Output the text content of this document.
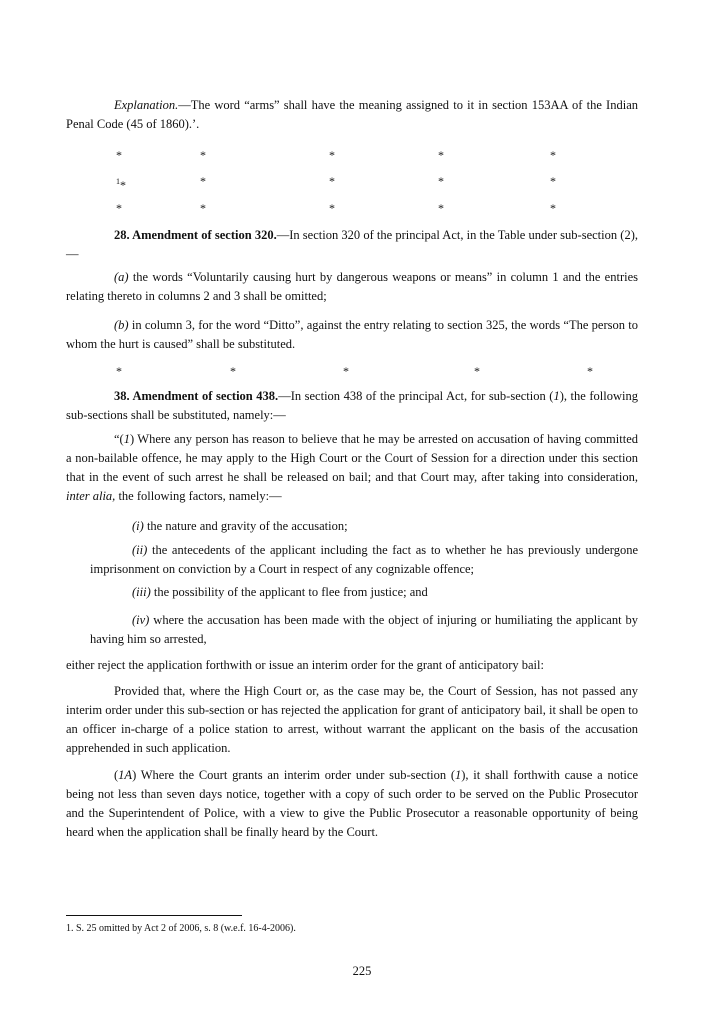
Explanation.—The word “arms” shall have the meaning assigned to it in section 153AA of the Indian Penal Code (45 of 1860).’.

*	*	*	*	*
$^1$*	*	*	*	*
*	*	*	*	*

28. Amendment of section 320.—In section 320 of the principal Act, in the Table under sub-section (2),—

(a) the words “Voluntarily causing hurt by dangerous weapons or means” in column 1 and the entries relating thereto in columns 2 and 3 shall be omitted;

(b) in column 3, for the word “Ditto”, against the entry relating to section 325, the words “The person to whom the hurt is caused” shall be substituted.

*	*	*	*	*

38. Amendment of section 438.—In section 438 of the principal Act, for sub-section (1), the following sub-sections shall be substituted, namely:—

“(1) Where any person has reason to believe that he may be arrested on accusation of having committed a non-bailable offence, he may apply to the High Court or the Court of Session for a direction under this section that in the event of such arrest he shall be released on bail; and that Court may, after taking into consideration, inter alia, the following factors, namely:—

(i) the nature and gravity of the accusation;

(ii) the antecedents of the applicant including the fact as to whether he has previously undergone imprisonment on conviction by a Court in respect of any cognizable offence;

(iii) the possibility of the applicant to flee from justice; and

(iv) where the accusation has been made with the object of injuring or humiliating the applicant by having him so arrested,

either reject the application forthwith or issue an interim order for the grant of anticipatory bail:

Provided that, where the High Court or, as the case may be, the Court of Session, has not passed any interim order under this sub-section or has rejected the application for grant of anticipatory bail, it shall be open to an officer in-charge of a police station to arrest, without warrant the applicant on the basis of the accusation apprehended in such application.

(1A) Where the Court grants an interim order under sub-section (1), it shall forthwith cause a notice being not less than seven days notice, together with a copy of such order to be served on the Public Prosecutor and the Superintendent of Police, with a view to give the Public Prosecutor a reasonable opportunity of being heard when the application shall be finally heard by the Court.

1. S. 25 omitted by Act 2 of 2006, s. 8 (w.e.f. 16-4-2006).
225
